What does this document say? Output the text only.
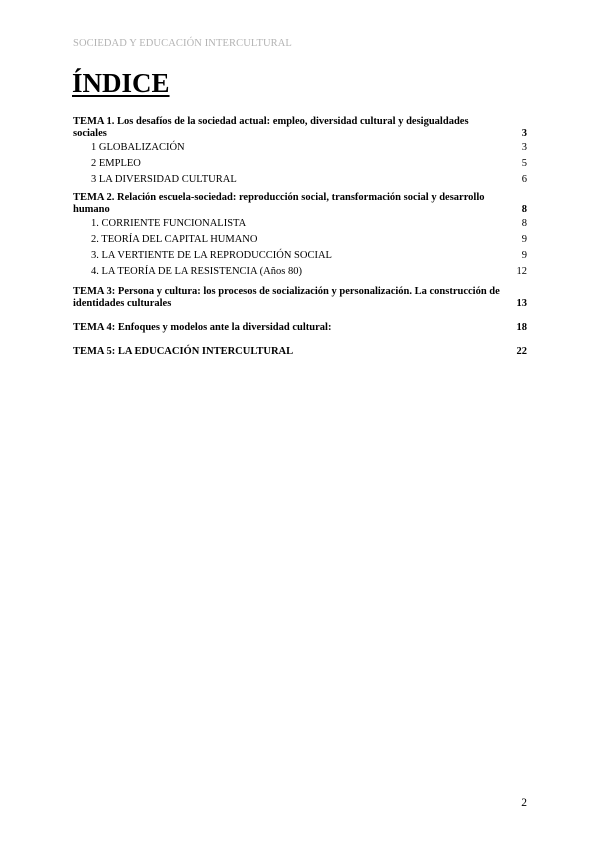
SOCIEDAD Y EDUCACIÓN INTERCULTURAL
ÍNDICE
TEMA 1. Los desafíos de la sociedad actual: empleo, diversidad cultural y desigualdades
sociales	3
1 GLOBALIZACIÓN	3
2 EMPLEO	5
3 LA DIVERSIDAD CULTURAL	6
TEMA 2. Relación escuela-sociedad: reproducción social, transformación social y desarrollo
humano	8
1. CORRIENTE FUNCIONALISTA	8
2. TEORÍA DEL CAPITAL HUMANO	9
3. LA VERTIENTE DE LA REPRODUCCIÓN SOCIAL	9
4. LA TEORÍA DE LA RESISTENCIA (Años 80)	12
TEMA 3: Persona y cultura: los procesos de socialización y personalización. La construcción de
identidades culturales	13
TEMA 4: Enfoques y modelos ante la diversidad cultural:	18
TEMA 5: LA EDUCACIÓN INTERCULTURAL	22
2
